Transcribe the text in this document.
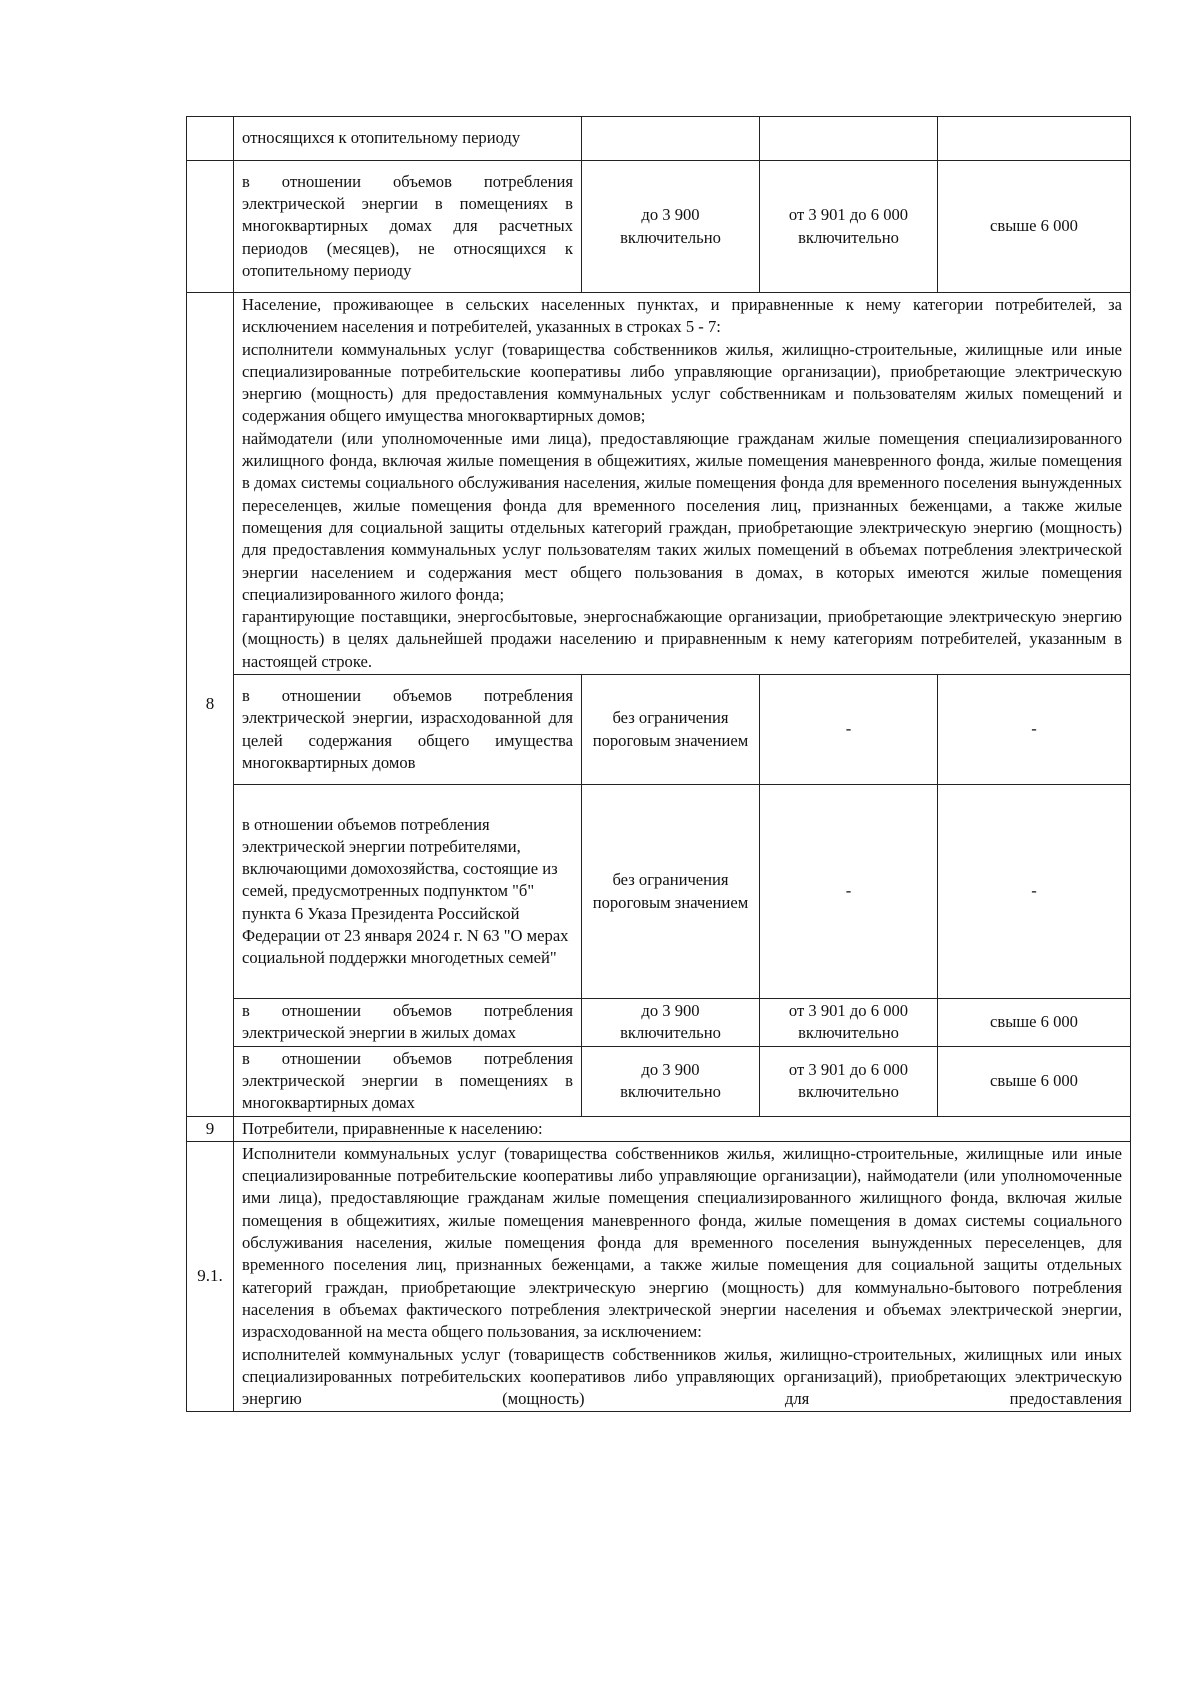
	относящихся к отопительному периоду			
	в отношении объемов потребления электрической энергии в помещениях в многоквартирных домах для расчетных периодов (месяцев), не относящихся к отопительному периоду	до 3 900 включительно	от 3 901 до 6 000 включительно	свыше 6 000
8	Население, проживающее в сельских населенных пунктах, и приравненные к нему категории потребителей, за исключением населения и потребителей, указанных в строках 5 - 7:
исполнители коммунальных услуг (товарищества собственников жилья, жилищно-строительные, жилищные или иные специализированные потребительские кооперативы либо управляющие организации), приобретающие электрическую энергию (мощность) для предоставления коммунальных услуг собственникам и пользователям жилых помещений и содержания общего имущества многоквартирных домов;
наймодатели (или уполномоченные ими лица), предоставляющие гражданам жилые помещения специализированного жилищного фонда, включая жилые помещения в общежитиях, жилые помещения маневренного фонда, жилые помещения в домах системы социального обслуживания населения, жилые помещения фонда для временного поселения вынужденных переселенцев, жилые помещения фонда для временного поселения лиц, признанных беженцами, а также жилые помещения для социальной защиты отдельных категорий граждан, приобретающие электрическую энергию (мощность) для предоставления коммунальных услуг пользователям таких жилых помещений в объемах потребления электрической энергии населением и содержания мест общего пользования в домах, в которых имеются жилые помещения специализированного жилого фонда;
гарантирующие поставщики, энергосбытовые, энергоснабжающие организации, приобретающие электрическую энергию (мощность) в целях дальнейшей продажи населению и приравненным к нему категориям потребителей, указанным в настоящей строке.			

	в отношении объемов потребления электрической энергии, израсходованной для целей содержания общего имущества многоквартирных домов	без ограничения пороговым значением	-	-
	в отношении объемов потребления электрической энергии потребителями, включающими домохозяйства, состоящие из семей, предусмотренных подпунктом "б" пункта 6 Указа Президента Российской Федерации от 23 января 2024 г. N 63 "О мерах социальной поддержки многодетных семей"	без ограничения пороговым значением	-	-
	в отношении объемов потребления электрической энергии в жилых домах	до 3 900 включительно	от 3 901 до 6 000 включительно	свыше 6 000
	в отношении объемов потребления электрической энергии в помещениях в многоквартирных домах	до 3 900 включительно	от 3 901 до 6 000 включительно	свыше 6 000
9	Потребители, приравненные к населению:			
9.1.	Исполнители коммунальных услуг (товарищества собственников жилья, жилищно-строительные, жилищные или иные специализированные потребительские кооперативы либо управляющие организации), наймодатели (или уполномоченные ими лица), предоставляющие гражданам жилые помещения специализированного жилищного фонда, включая жилые помещения в общежитиях, жилые помещения маневренного фонда, жилые помещения в домах системы социального обслуживания населения, жилые помещения фонда для временного поселения вынужденных переселенцев, для временного поселения лиц, признанных беженцами, а также жилые помещения для социальной защиты отдельных категорий граждан, приобретающие электрическую энергию (мощность) для коммунально-бытового потребления населения в объемах фактического потребления электрической энергии населения и объемах электрической энергии, израсходованной на места общего пользования, за исключением:
исполнителей коммунальных услуг (товариществ собственников жилья, жилищно-строительных, жилищных или иных специализированных потребительских кооперативов либо управляющих организаций), приобретающих электрическую энергию (мощность) для предоставления			
